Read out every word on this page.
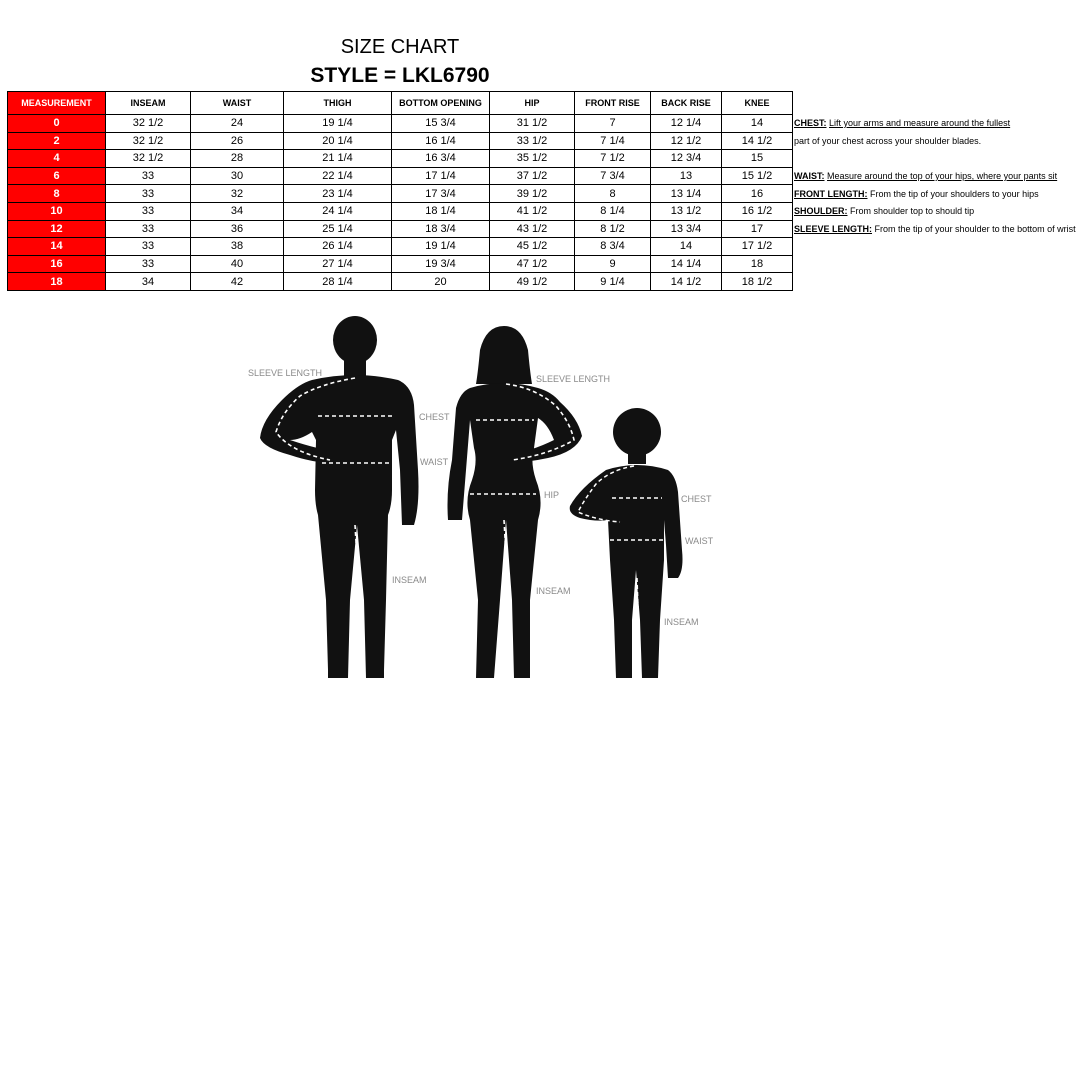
SIZE CHART
STYLE = LKL6790
MEASUREMENT	INSEAM	WAIST	THIGH	BOTTOM OPENING	HIP	FRONT RISE	BACK RISE	KNEE
0	32 1/2	24	19 1/4	15 3/4	31 1/2	7	12 1/4	14
2	32 1/2	26	20 1/4	16 1/4	33 1/2	7 1/4	12 1/2	14 1/2
4	32 1/2	28	21 1/4	16 3/4	35 1/2	7 1/2	12 3/4	15
6	33	30	22 1/4	17 1/4	37 1/2	7 3/4	13	15 1/2
8	33	32	23 1/4	17 3/4	39 1/2	8	13 1/4	16
10	33	34	24 1/4	18 1/4	41 1/2	8 1/4	13 1/2	16 1/2
12	33	36	25 1/4	18 3/4	43 1/2	8 1/2	13 3/4	17
14	33	38	26 1/4	19 1/4	45 1/2	8 3/4	14	17 1/2
16	33	40	27 1/4	19 3/4	47 1/2	9	14 1/4	18
18	34	42	28 1/4	20	49 1/2	9 1/4	14 1/2	18 1/2
CHEST: Lift your arms and measure around the fullest
part of your chest across your shoulder blades.
WAIST: Measure around the top of your hips, where your pants sit
FRONT LENGTH: From the tip of your shoulders to your hips
SHOULDER: From shoulder top to should tip
SLEEVE LENGTH: From the tip of your shoulder to the bottom of wrist
SLEEVE LENGTH
CHEST
WAIST
INSEAM
SLEEVE LENGTH
HIP
INSEAM
CHEST
WAIST
INSEAM
